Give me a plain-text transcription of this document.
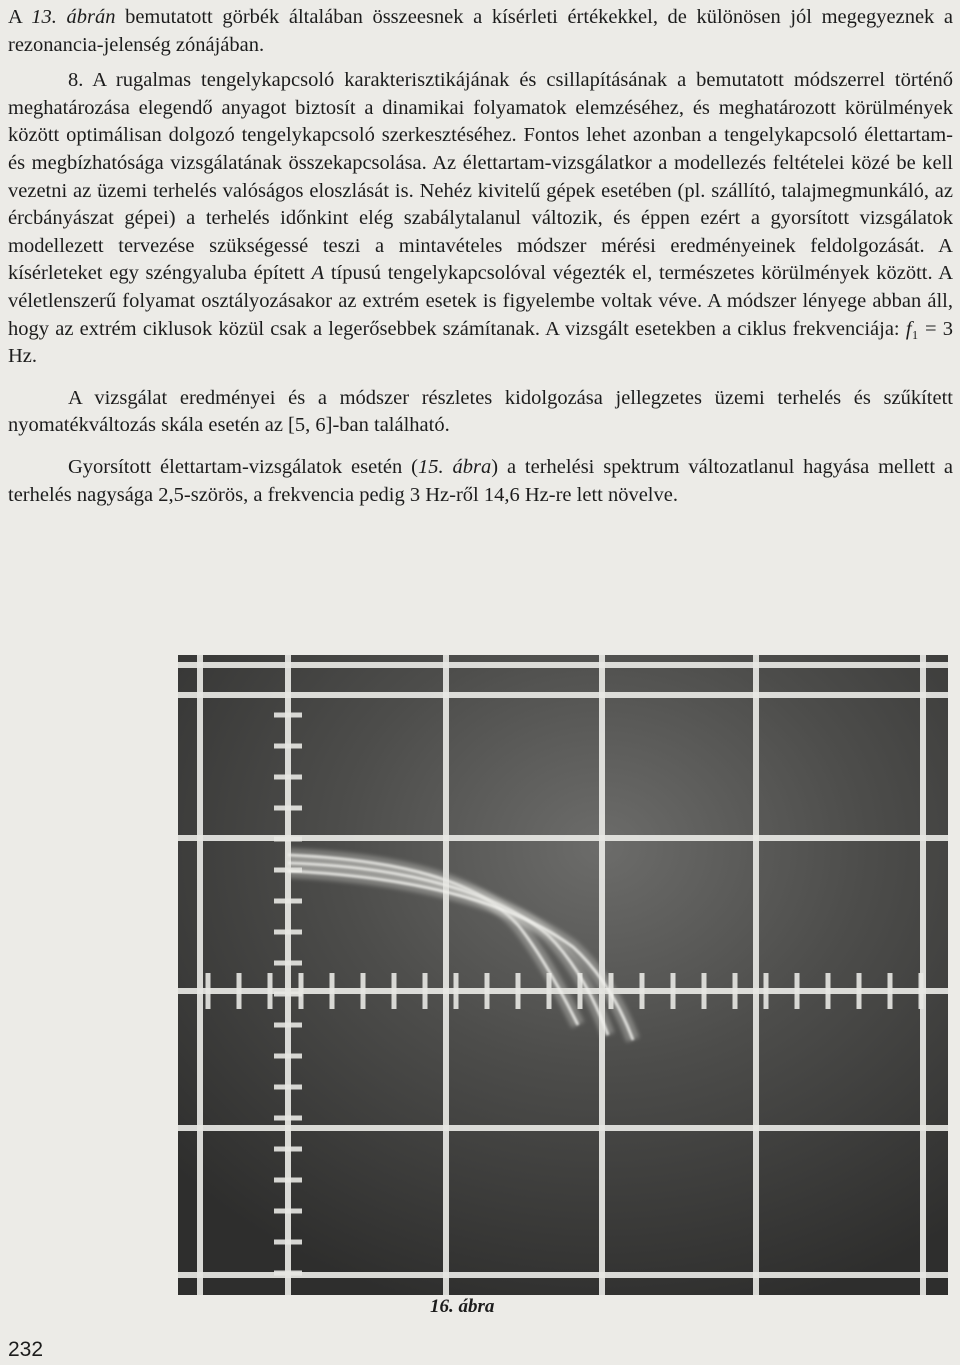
A 13. ábrán bemutatott görbék általában összeesnek a kísérleti értékekkel, de különösen jól megegyeznek a rezonancia-jelenség zónájában.

8. A rugalmas tengelykapcsoló karakterisztikájának és csillapításának a bemutatott módszerrel történő meghatározása elegendő anyagot biztosít a dinamikai folyamatok elemzéséhez, és meghatározott körülmények között optimálisan dolgozó tengelykapcsoló szerkesztéséhez. Fontos lehet azonban a tengelykapcsoló élettartam- és megbízhatósága vizsgálatának összekapcsolása. Az élettartam-vizsgálatkor a modellezés feltételei közé be kell vezetni az üzemi terhelés valóságos eloszlását is. Nehéz kivitelű gépek esetében (pl. szállító, talajmegmunkáló, az ércbányászat gépei) a terhelés időnkint elég szabálytalanul változik, és éppen ezért a gyorsított vizsgálatok modellezett tervezése szükségessé teszi a mintavételes módszer mérési eredményeinek feldolgozását. A kísérleteket egy széngyaluba épített A típusú tengelykapcsolóval végezték el, természetes körülmények között. A véletlenszerű folyamat osztályozásakor az extrém esetek is figyelembe voltak véve. A módszer lényege abban áll, hogy az extrém ciklusok közül csak a legerősebbek számítanak. A vizsgált esetekben a ciklus frekvenciája: f₁ = 3 Hz.

A vizsgálat eredményei és a módszer részletes kidolgozása jellegzetes üzemi terhelés és szűkített nyomatékváltozás skála esetén az [5, 6]-ban található.

Gyorsított élettartam-vizsgálatok esetén (15. ábra) a terhelési spektrum változatlanul hagyása mellett a terhelés nagysága 2,5-szörös, a frekvencia pedig 3 Hz-ről 14,6 Hz-re lett növelve.

16. ábra
232
